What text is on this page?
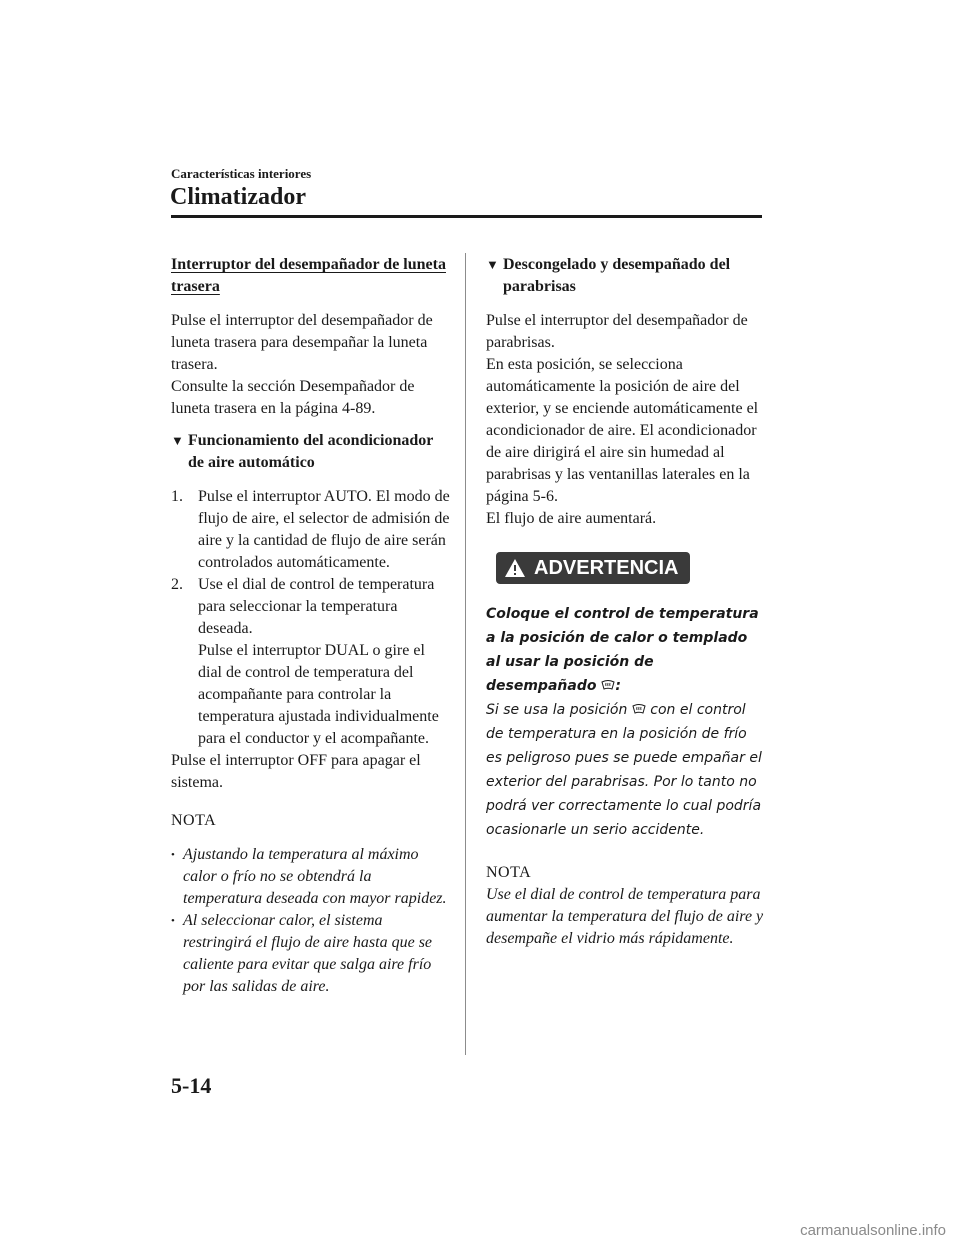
Características interiores
Climatizador
Interruptor del desempañador de luneta trasera

Pulse el interruptor del desempañador de luneta trasera para desempañar la luneta trasera.
Consulte la sección Desempañador de luneta trasera en la página 4-89.

▼ Funcionamiento del acondicionador de aire automático
1. Pulse el interruptor AUTO. El modo de flujo de aire, el selector de admisión de aire y la cantidad de flujo de aire serán controlados automáticamente.
2. Use el dial de control de temperatura para seleccionar la temperatura deseada.
Pulse el interruptor DUAL o gire el dial de control de temperatura del acompañante para controlar la temperatura ajustada individualmente para el conductor y el acompañante.

Pulse el interruptor OFF para apagar el sistema.

NOTA
• Ajustando la temperatura al máximo calor o frío no se obtendrá la temperatura deseada con mayor rapidez.
• Al seleccionar calor, el sistema restringirá el flujo de aire hasta que se caliente para evitar que salga aire frío por las salidas de aire.
▼ Descongelado y desempañado del parabrisas

Pulse el interruptor del desempañador de parabrisas.
En esta posición, se selecciona automáticamente la posición de aire del exterior, y se enciende automáticamente el acondicionador de aire. El acondicionador de aire dirigirá el aire sin humedad al parabrisas y las ventanillas laterales en la página 5-6.
El flujo de aire aumentará.

ADVERTENCIA

Coloque el control de temperatura a la posición de calor o templado al usar la posición de desempañado :

Si se usa la posición con el control de temperatura en la posición de frío es peligroso pues se puede empañar el exterior del parabrisas. Por lo tanto no podrá ver correctamente lo cual podría ocasionarle un serio accidente.

NOTA

Use el dial de control de temperatura para aumentar la temperatura del flujo de aire y desempañe el vidrio más rápidamente.

5-14
carmanualsonline.info
